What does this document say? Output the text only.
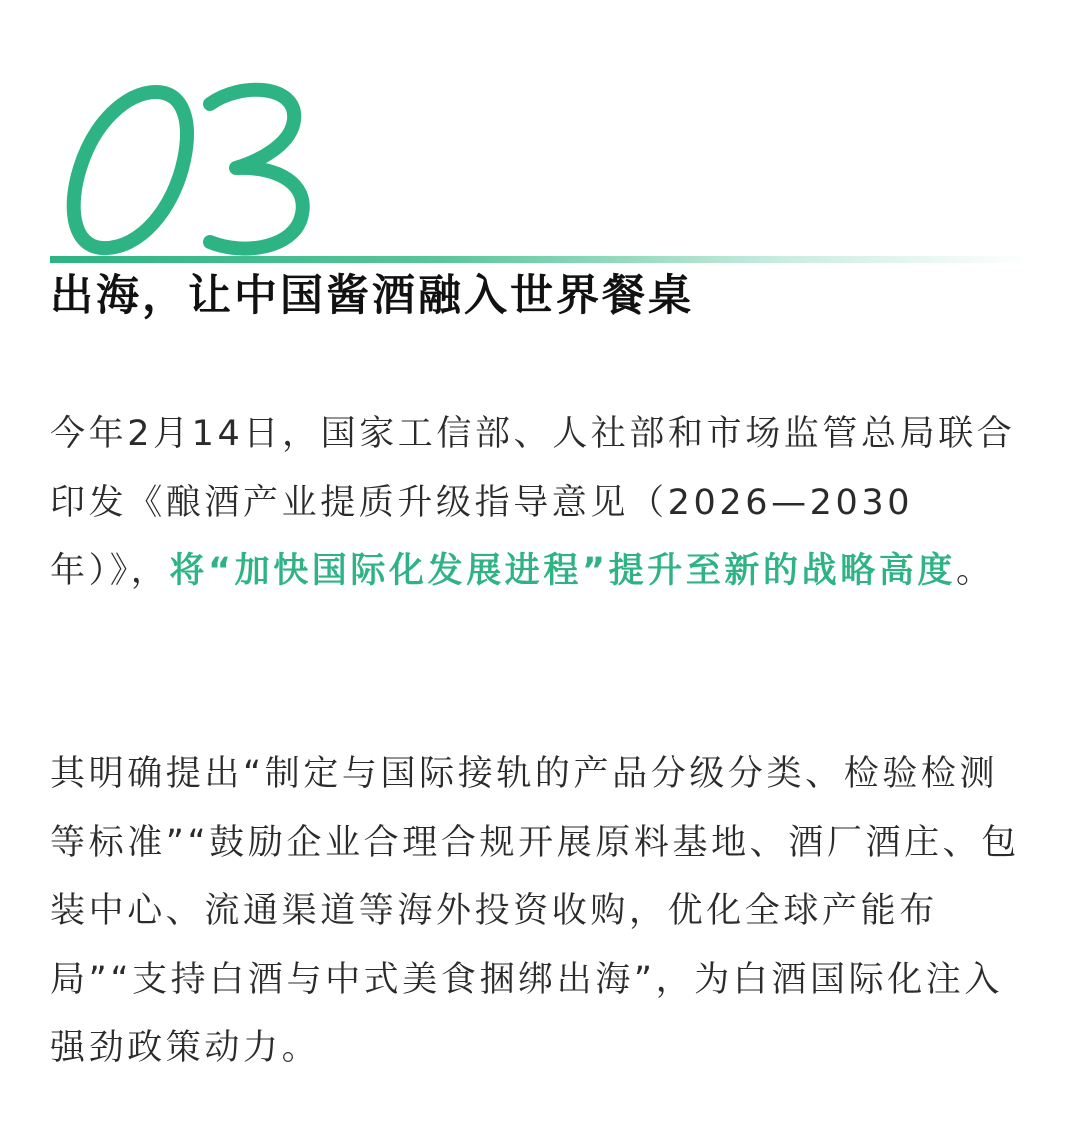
出海，让中国酱酒融入世界餐桌

今年2月14日，国家工信部、人社部和市场监管总局联合印发《酿酒产业提质升级指导意见（2026—2030年）》，将“加快国际化发展进程”提升至新的战略高度。

其明确提出“制定与国际接轨的产品分级分类、检验检测等标准”“鼓励企业合理合规开展原料基地、酒厂酒庄、包装中心、流通渠道等海外投资收购，优化全球产能布局”“支持白酒与中式美食捆绑出海”，为白酒国际化注入强劲政策动力。
